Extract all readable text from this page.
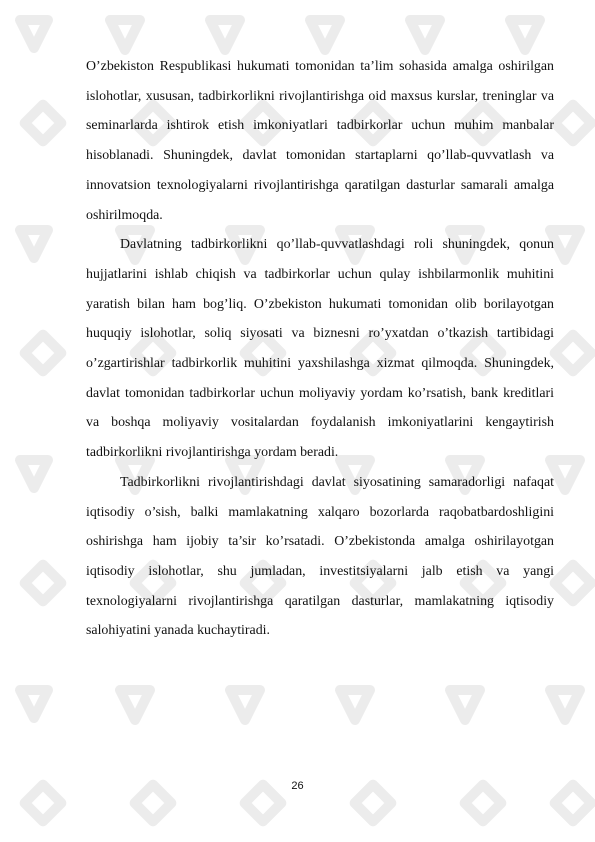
O’zbekiston Respublikasi hukumati tomonidan ta’lim sohasida amalga oshirilgan islohotlar, xususan, tadbirkorlikni rivojlantirishga oid maxsus kurslar, treninglar va seminarlarda ishtirok etish imkoniyatlari tadbirkorlar uchun muhim manbalar hisoblanadi. Shuningdek, davlat tomonidan startaplarni qo’llab-quvvatlash va innovatsion texnologiyalarni rivojlantirishga qaratilgan dasturlar samarali amalga oshirilmoqda.

Davlatning tadbirkorlikni qo’llab-quvvatlashdagi roli shuningdek, qonun hujjatlarini ishlab chiqish va tadbirkorlar uchun qulay ishbilarmonlik muhitini yaratish bilan ham bog’liq. O’zbekiston hukumati tomonidan olib borilayotgan huquqiy islohotlar, soliq siyosati va biznesni ro’yxatdan o’tkazish tartibidagi o’zgartirishlar tadbirkorlik muhitini yaxshilashga xizmat qilmoqda. Shuningdek, davlat tomonidan tadbirkorlar uchun moliyaviy yordam ko’rsatish, bank kreditlari va boshqa moliyaviy vositalardan foydalanish imkoniyatlarini kengaytirish tadbirkorlikni rivojlantirishga yordam beradi.

Tadbirkorlikni rivojlantirishdagi davlat siyosatining samaradorligi nafaqat iqtisodiy o’sish, balki mamlakatning xalqaro bozorlarda raqobatbardoshligini oshirishga ham ijobiy ta’sir ko’rsatadi. O’zbekistonda amalga oshirilayotgan iqtisodiy islohotlar, shu jumladan, investitsiyalarni jalb etish va yangi texnologiyalarni rivojlantirishga qaratilgan dasturlar, mamlakatning iqtisodiy salohiyatini yanada kuchaytiradi.

26
